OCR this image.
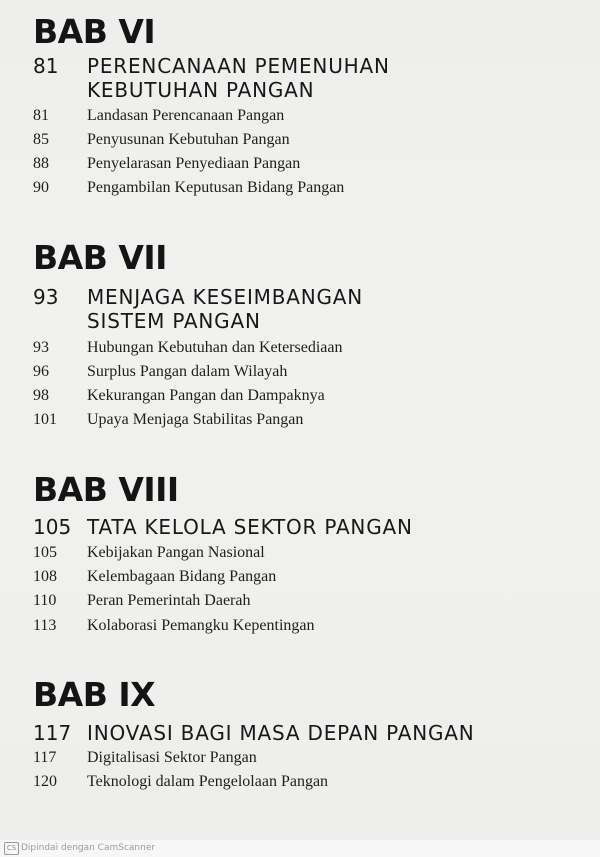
BAB VI
81 PERENCANAAN PEMENUHAN
KEBUTUHAN PANGAN
81 Landasan Perencanaan Pangan
85 Penyusunan Kebutuhan Pangan
88 Penyelarasan Penyediaan Pangan
90 Pengambilan Keputusan Bidang Pangan
BAB VII
93 MENJAGA KESEIMBANGAN
SISTEM PANGAN
93 Hubungan Kebutuhan dan Ketersediaan
96 Surplus Pangan dalam Wilayah
98 Kekurangan Pangan dan Dampaknya
101 Upaya Menjaga Stabilitas Pangan
BAB VIII
105 TATA KELOLA SEKTOR PANGAN
105 Kebijakan Pangan Nasional
108 Kelembagaan Bidang Pangan
110 Peran Pemerintah Daerah
113 Kolaborasi Pemangku Kepentingan
BAB IX
117 INOVASI BAGI MASA DEPAN PANGAN
117 Digitalisasi Sektor Pangan
120 Teknologi dalam Pengelolaan Pangan
CS Dipindai dengan CamScanner
